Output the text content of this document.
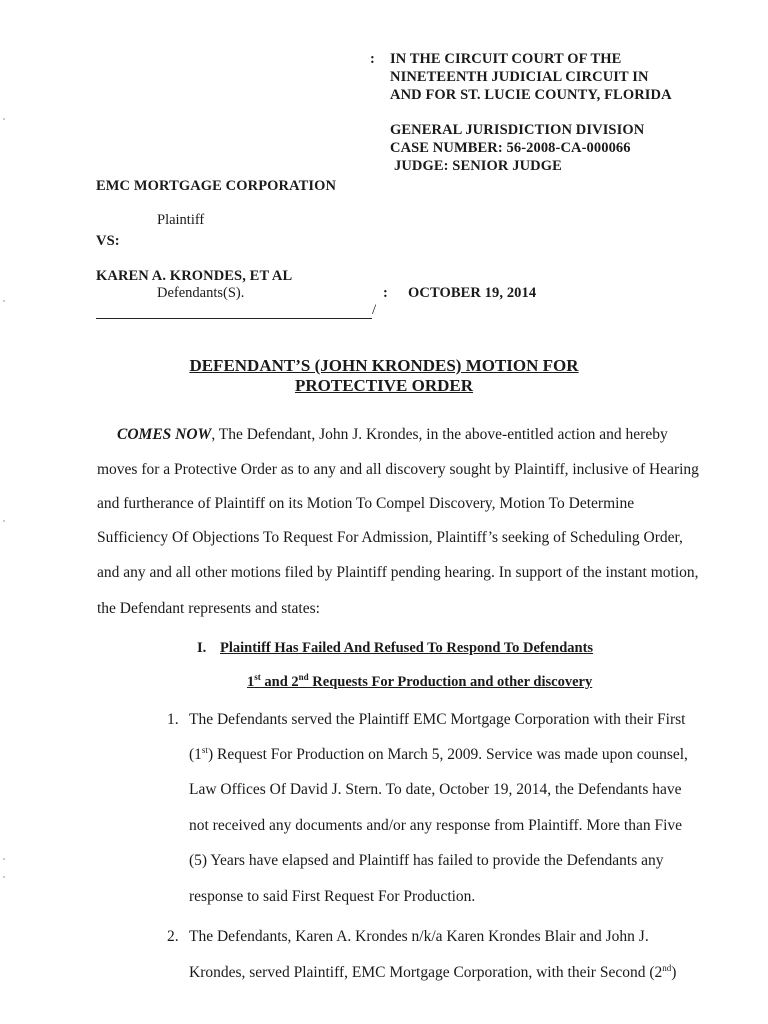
: IN THE CIRCUIT COURT OF THE
NINETEENTH JUDICIAL CIRCUIT IN
AND FOR ST. LUCIE COUNTY, FLORIDA
GENERAL JURISDICTION DIVISION
CASE NUMBER: 56-2008-CA-000066
JUDGE: SENIOR JUDGE
EMC MORTGAGE CORPORATION
Plaintiff
VS:
KAREN A. KRONDES, ET AL
Defendants(S).	: OCTOBER 19, 2014
/
DEFENDANT’S (JOHN KRONDES) MOTION FOR
PROTECTIVE ORDER
COMES NOW, The Defendant, John J. Krondes, in the above-entitled action and hereby
moves for a Protective Order as to any and all discovery sought by Plaintiff, inclusive of Hearing
and furtherance of Plaintiff on its Motion To Compel Discovery, Motion To Determine
Sufficiency Of Objections To Request For Admission, Plaintiff’s seeking of Scheduling Order,
and any and all other motions filed by Plaintiff pending hearing. In support of the instant motion,
the Defendant represents and states:
I. Plaintiff Has Failed And Refused To Respond To Defendants
1st and 2nd Requests For Production and other discovery
1. The Defendants served the Plaintiff EMC Mortgage Corporation with their First
(1st) Request For Production on March 5, 2009. Service was made upon counsel,
Law Offices Of David J. Stern. To date, October 19, 2014, the Defendants have
not received any documents and/or any response from Plaintiff. More than Five
(5) Years have elapsed and Plaintiff has failed to provide the Defendants any
response to said First Request For Production.
2. The Defendants, Karen A. Krondes n/k/a Karen Krondes Blair and John J.
Krondes, served Plaintiff, EMC Mortgage Corporation, with their Second (2nd)
